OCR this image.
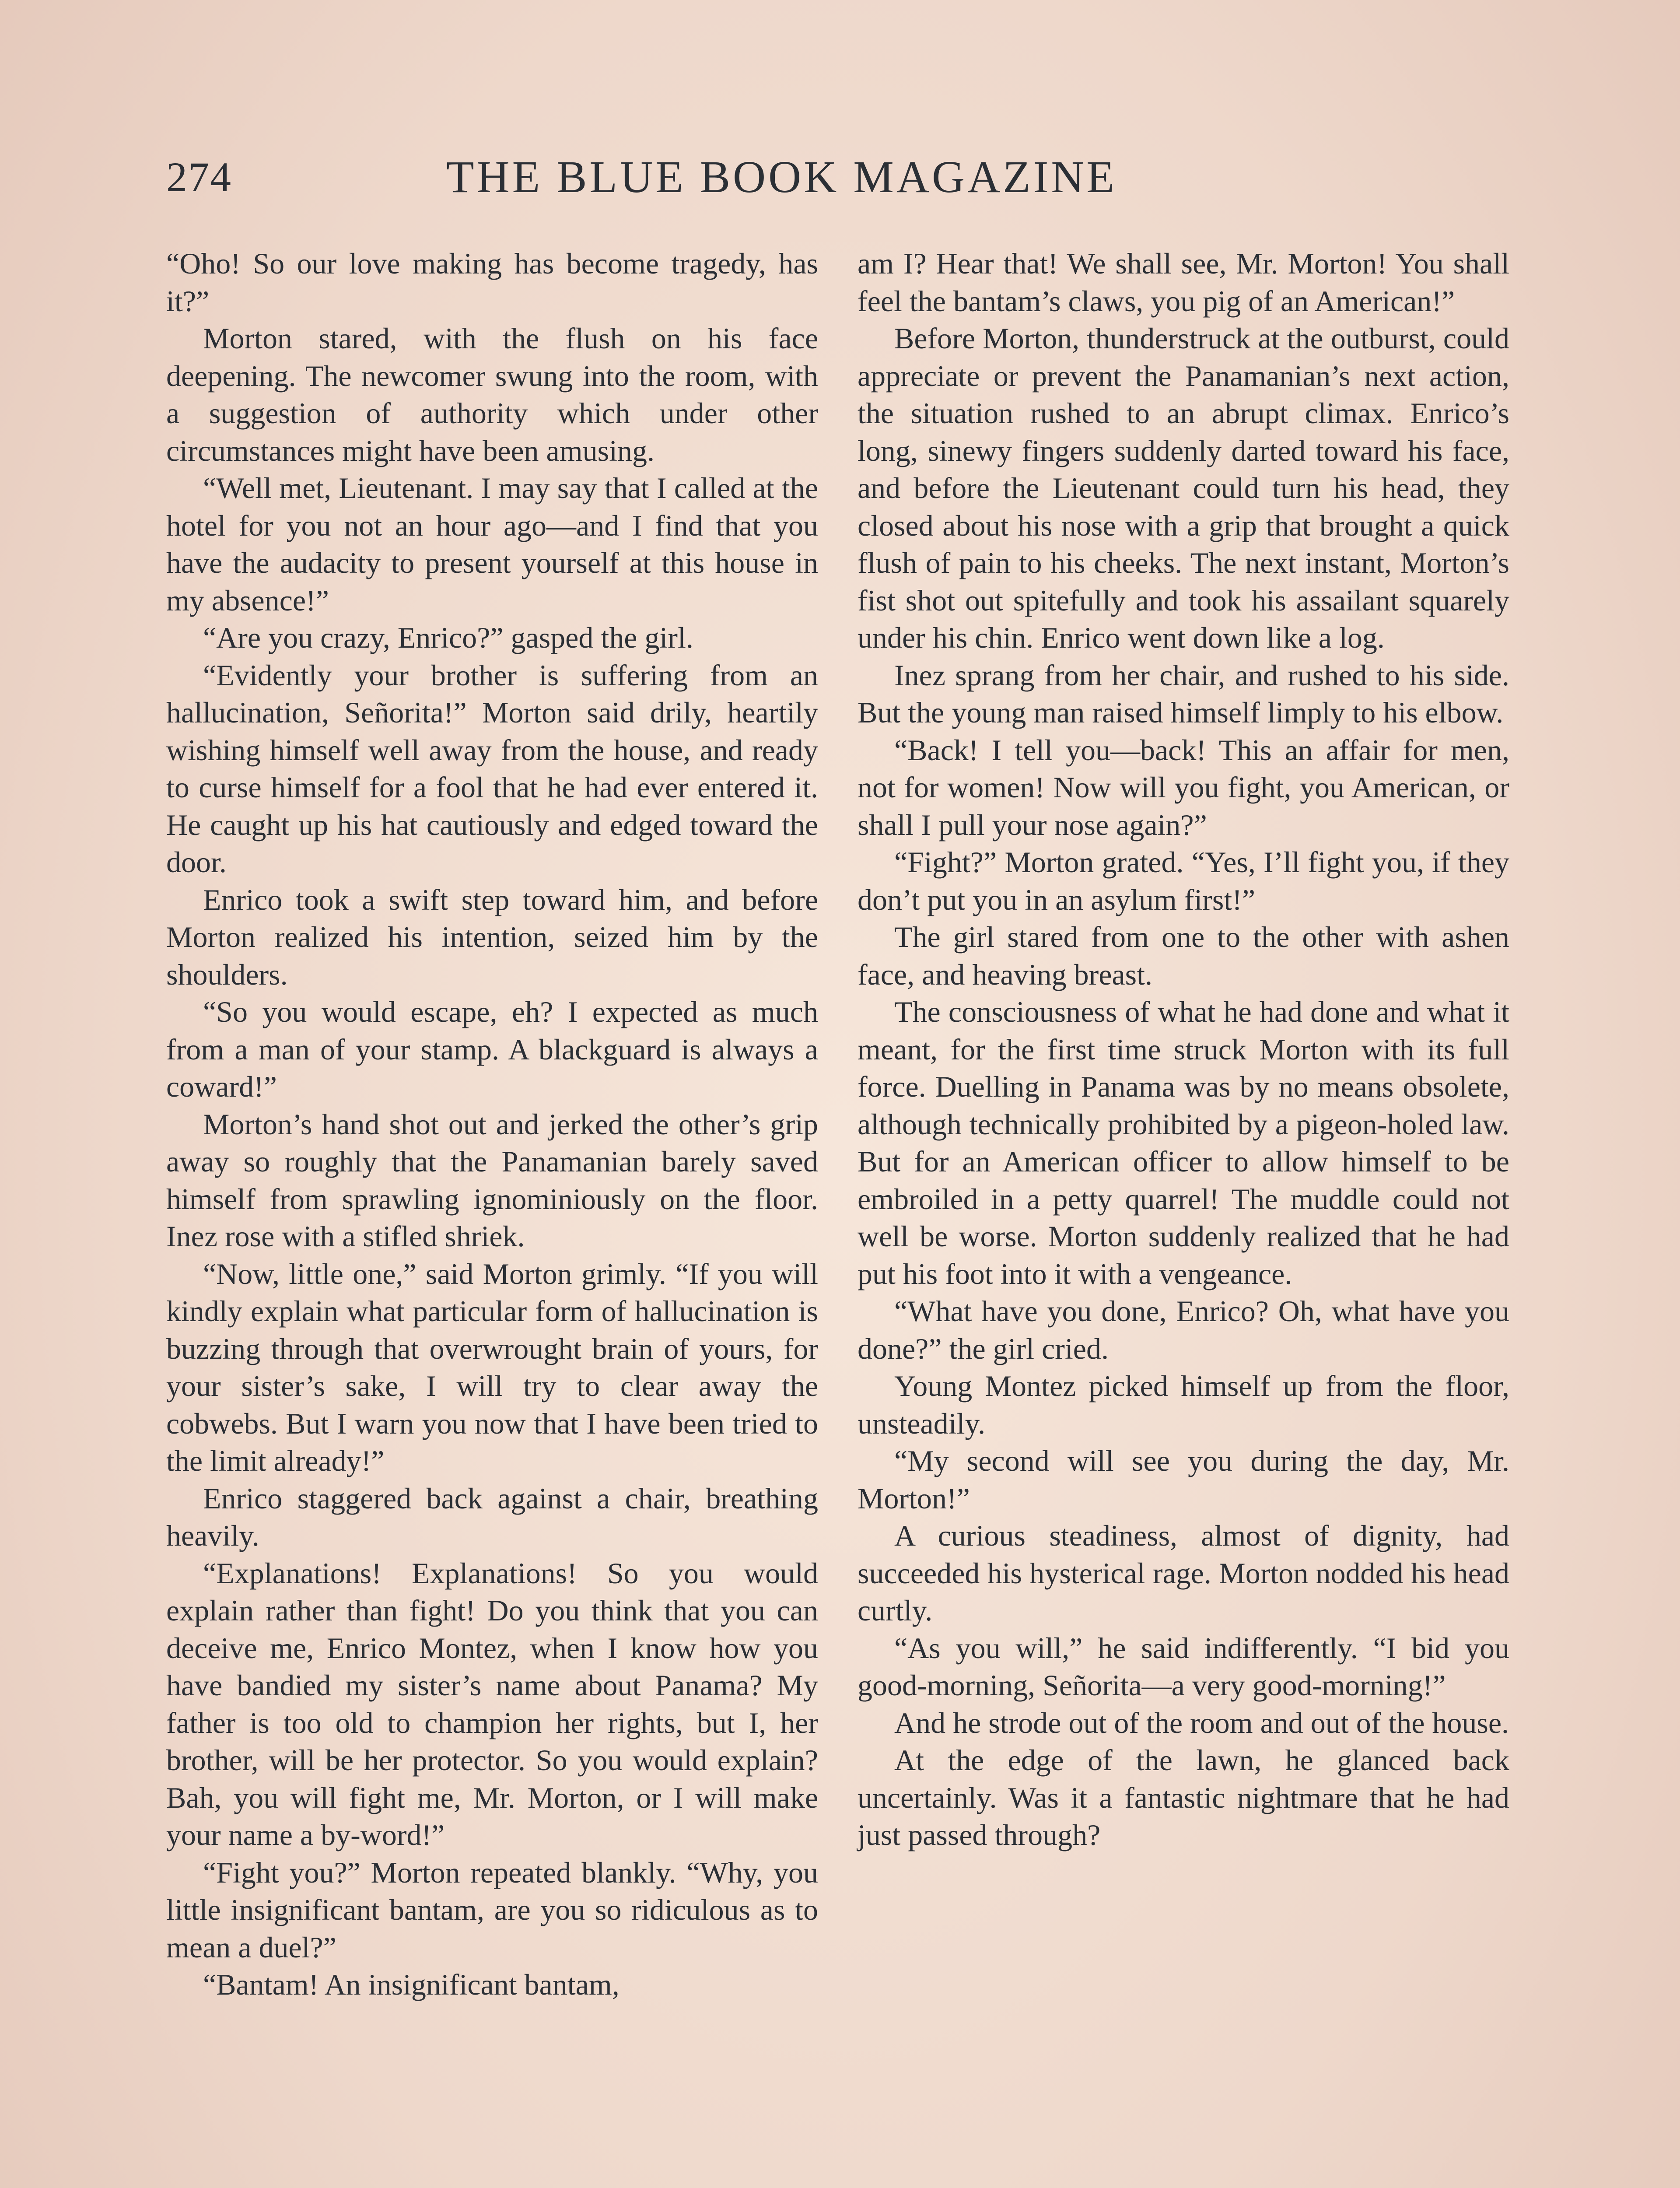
274	THE BLUE BOOK MAGAZINE

“Oho! So our love making has become tragedy, has it?”

Morton stared, with the flush on his face deepening. The newcomer swung into the room, with a suggestion of authority which under other circumstances might have been amusing.

“Well met, Lieutenant. I may say that I called at the hotel for you not an hour ago—and I find that you have the audacity to present yourself at this house in my absence!”

“Are you crazy, Enrico?” gasped the girl.

“Evidently your brother is suffering from an hallucination, Señorita!” Morton said drily, heartily wishing himself well away from the house, and ready to curse himself for a fool that he had ever entered it. He caught up his hat cautiously and edged toward the door.

Enrico took a swift step toward him, and before Morton realized his intention, seized him by the shoulders.

“So you would escape, eh? I expected as much from a man of your stamp. A blackguard is always a coward!”

Morton’s hand shot out and jerked the other’s grip away so roughly that the Panamanian barely saved himself from sprawling ignominiously on the floor. Inez rose with a stifled shriek.

“Now, little one,” said Morton grimly. “If you will kindly explain what particular form of hallucination is buzzing through that overwrought brain of yours, for your sister’s sake, I will try to clear away the cobwebs. But I warn you now that I have been tried to the limit already!”

Enrico staggered back against a chair, breathing heavily.

“Explanations! Explanations! So you would explain rather than fight! Do you think that you can deceive me, Enrico Montez, when I know how you have bandied my sister’s name about Panama? My father is too old to champion her rights, but I, her brother, will be her protector. So you would explain? Bah, you will fight me, Mr. Morton, or I will make your name a by-word!”

“Fight you?” Morton repeated blankly. “Why, you little insignificant bantam, are you so ridiculous as to mean a duel?”

“Bantam! An insignificant bantam,

am I? Hear that! We shall see, Mr. Morton! You shall feel the bantam’s claws, you pig of an American!”

Before Morton, thunderstruck at the outburst, could appreciate or prevent the Panamanian’s next action, the situation rushed to an abrupt climax. Enrico’s long, sinewy fingers suddenly darted toward his face, and before the Lieutenant could turn his head, they closed about his nose with a grip that brought a quick flush of pain to his cheeks. The next instant, Morton’s fist shot out spitefully and took his assailant squarely under his chin. Enrico went down like a log.

Inez sprang from her chair, and rushed to his side. But the young man raised himself limply to his elbow.

“Back! I tell you—back! This an affair for men, not for women! Now will you fight, you American, or shall I pull your nose again?”

“Fight?” Morton grated. “Yes, I’ll fight you, if they don’t put you in an asylum first!”

The girl stared from one to the other with ashen face, and heaving breast.

The consciousness of what he had done and what it meant, for the first time struck Morton with its full force. Duelling in Panama was by no means obsolete, although technically prohibited by a pigeon-holed law. But for an American officer to allow himself to be embroiled in a petty quarrel! The muddle could not well be worse. Morton suddenly realized that he had put his foot into it with a vengeance.

“What have you done, Enrico? Oh, what have you done?” the girl cried.

Young Montez picked himself up from the floor, unsteadily.

“My second will see you during the day, Mr. Morton!”

A curious steadiness, almost of dignity, had succeeded his hysterical rage. Morton nodded his head curtly.

“As you will,” he said indifferently. “I bid you good-morning, Señorita—a very good-morning!”

And he strode out of the room and out of the house.

At the edge of the lawn, he glanced back uncertainly. Was it a fantastic nightmare that he had just passed through?
